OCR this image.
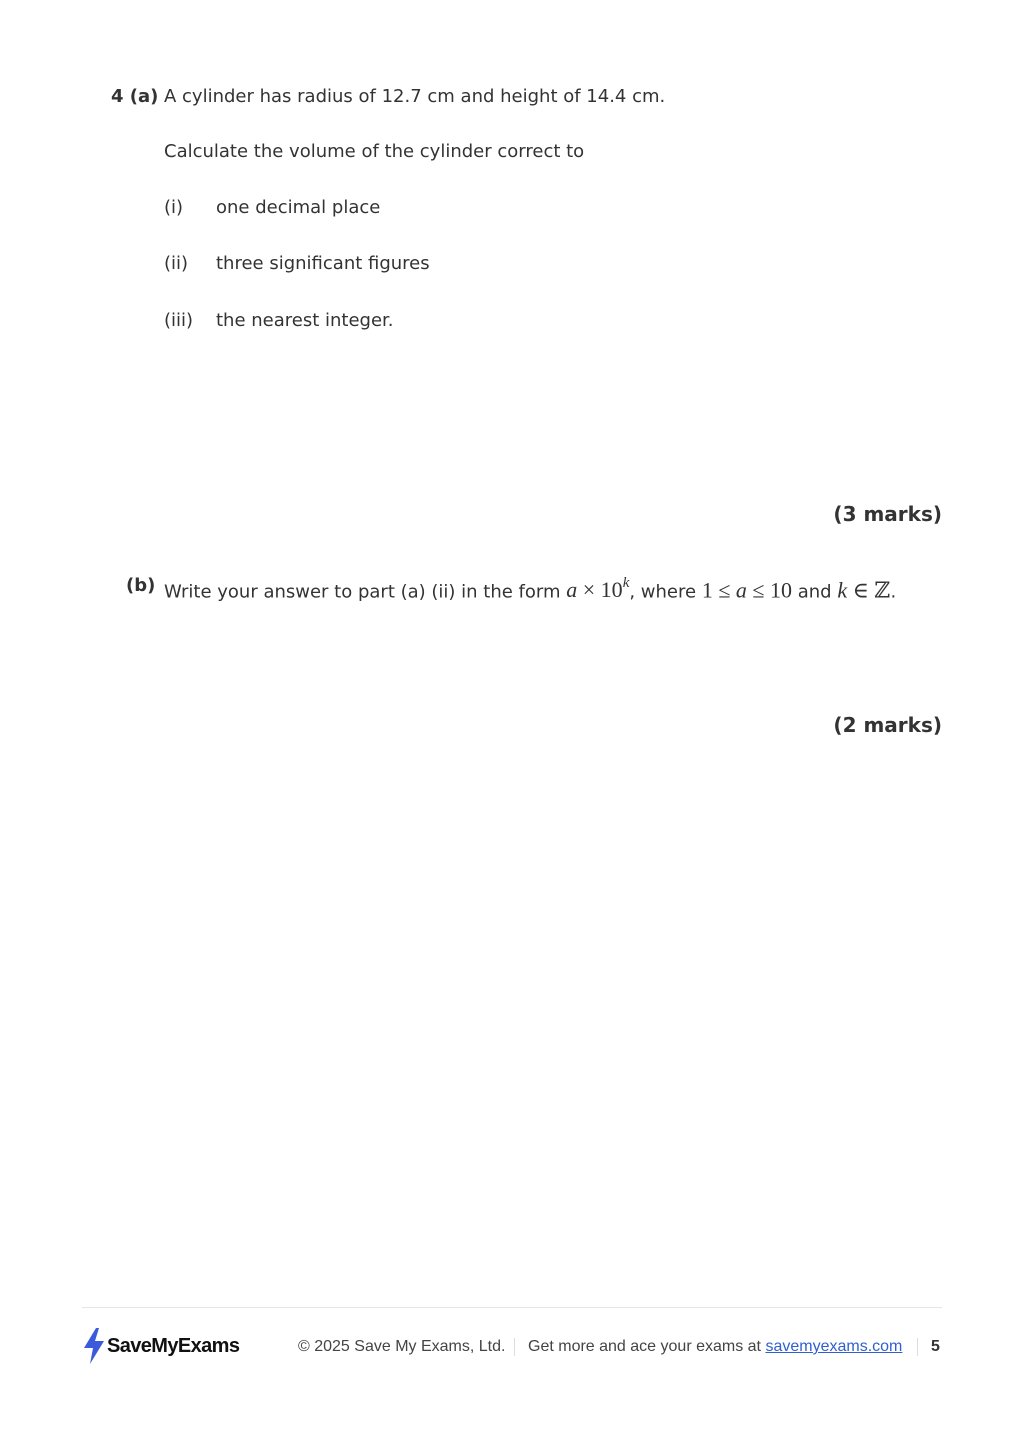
4 (a) A cylinder has radius of 12.7 cm and height of 14.4 cm.
Calculate the volume of the cylinder correct to
(i) one decimal place
(ii) three significant figures
(iii) the nearest integer.
(3 marks)
(b) Write your answer to part (a) (ii) in the form $a \times 10^k$, where 1 ≤ a ≤ 10 and k ∈ ℤ.
(2 marks)
SaveMyExams	© 2025 Save My Exams, Ltd. Get more and ace your exams at savemyexams.com 5
